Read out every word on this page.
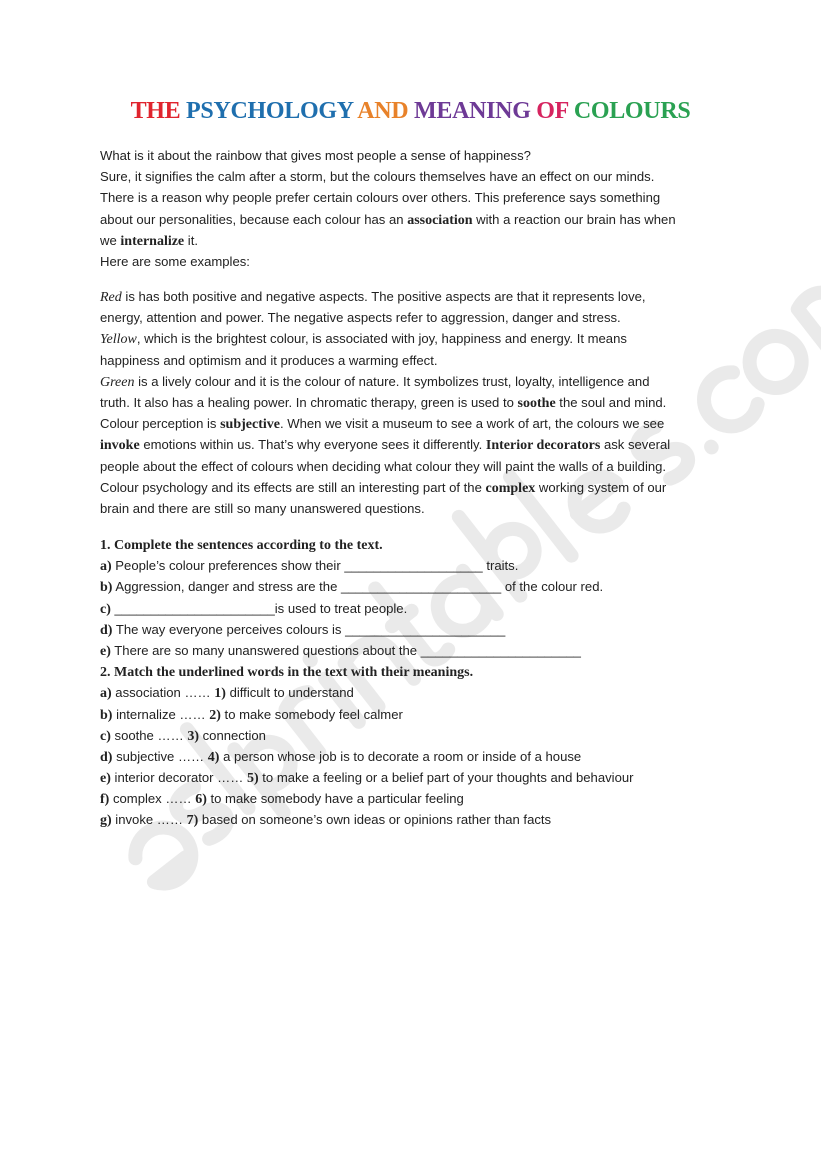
THE PSYCHOLOGY AND MEANING OF COLOURS
What is it about the rainbow that gives most people a sense of happiness?
Sure, it signifies the calm after a storm, but the colours themselves have an effect on our minds.
There is a reason why people prefer certain colours over others. This preference says something
about our personalities, because each colour has an association with a reaction our brain has when
we internalize it.
Here are some examples:
Red is has both positive and negative aspects. The positive aspects are that it represents love,
energy, attention and power. The negative aspects refer to aggression, danger and stress.
Yellow, which is the brightest colour, is associated with joy, happiness and energy. It means
happiness and optimism and it produces a warming effect.
Green is a lively colour and it is the colour of nature. It symbolizes trust, loyalty, intelligence and
truth. It also has a healing power. In chromatic therapy, green is used to soothe the soul and mind.
Colour perception is subjective. When we visit a museum to see a work of art, the colours we see
invoke emotions within us. That’s why everyone sees it differently. Interior decorators ask several
people about the effect of colours when deciding what colour they will paint the walls of a building.
Colour psychology and its effects are still an interesting part of the complex working system of our
brain and there are still so many unanswered questions.
1. Complete the sentences according to the text.
a) People’s colour preferences show their ___________________ traits.
b) Aggression, danger and stress are the ______________________ of the colour red.
c) ______________________is used to treat people.
d) The way everyone perceives colours is ______________________
e) There are so many unanswered questions about the ______________________
2. Match the underlined words in the text with their meanings.
a) association …… 1) difficult to understand
b) internalize …… 2) to make somebody feel calmer
c) soothe …… 3) connection
d) subjective …… 4) a person whose job is to decorate a room or inside of a house
e) interior decorator …… 5) to make a feeling or a belief part of your thoughts and behaviour
f) complex …… 6) to make somebody have a particular feeling
g) invoke …… 7) based on someone’s own ideas or opinions rather than facts
